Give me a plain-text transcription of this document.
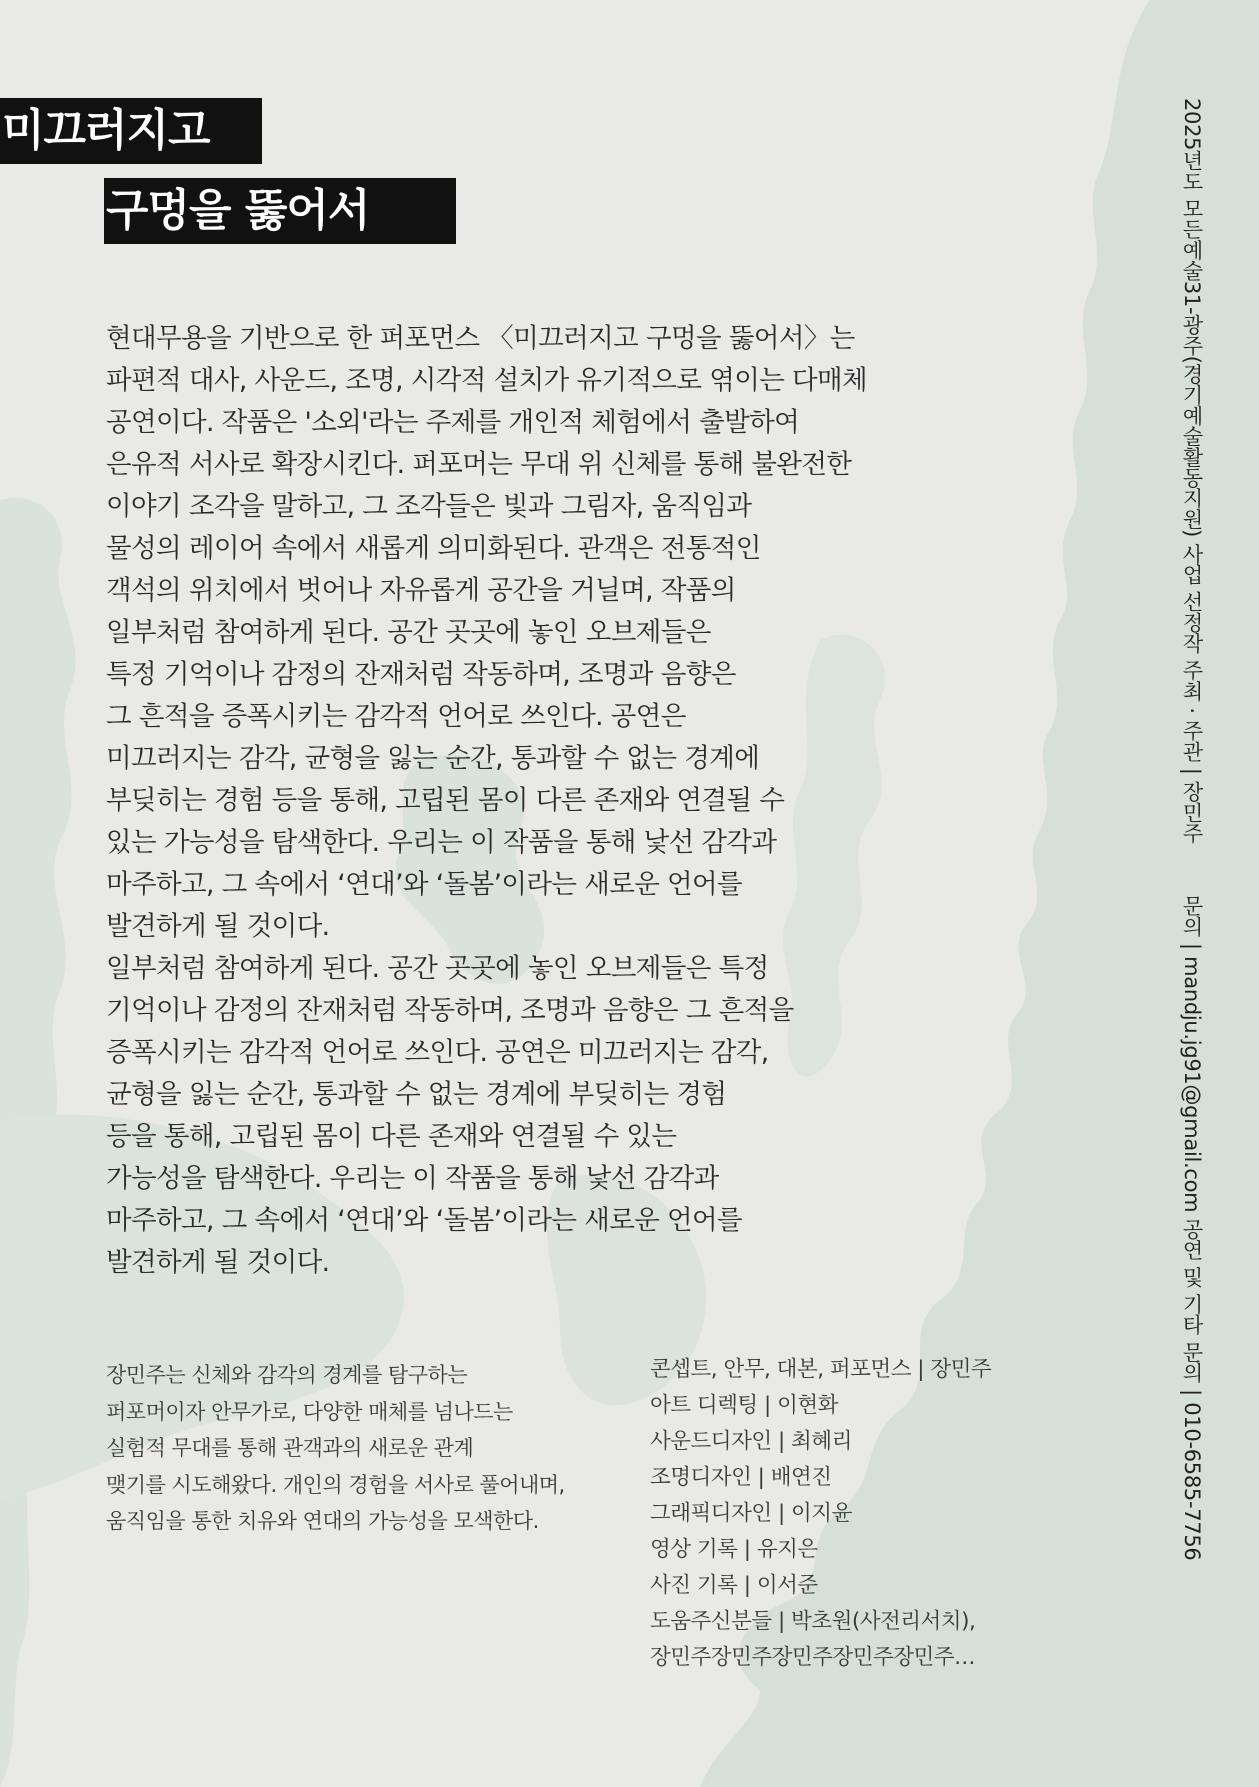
미끄러지고
구멍을 뚫어서
현대무용을 기반으로 한 퍼포먼스 〈미끄러지고 구멍을 뚫어서〉는
파편적 대사, 사운드, 조명, 시각적 설치가 유기적으로 엮이는 다매체
공연이다. 작품은 '소외'라는 주제를 개인적 체험에서 출발하여
은유적 서사로 확장시킨다. 퍼포머는 무대 위 신체를 통해 불완전한
이야기 조각을 말하고, 그 조각들은 빛과 그림자, 움직임과
물성의 레이어 속에서 새롭게 의미화된다. 관객은 전통적인
객석의 위치에서 벗어나 자유롭게 공간을 거닐며, 작품의
일부처럼 참여하게 된다. 공간 곳곳에 놓인 오브제들은
특정 기억이나 감정의 잔재처럼 작동하며, 조명과 음향은
그 흔적을 증폭시키는 감각적 언어로 쓰인다. 공연은
미끄러지는 감각, 균형을 잃는 순간, 통과할 수 없는 경계에
부딪히는 경험 등을 통해, 고립된 몸이 다른 존재와 연결될 수
있는 가능성을 탐색한다. 우리는 이 작품을 통해 낯선 감각과
마주하고, 그 속에서 ‘연대’와 ‘돌봄’이라는 새로운 언어를
발견하게 될 것이다.
일부처럼 참여하게 된다. 공간 곳곳에 놓인 오브제들은 특정
기억이나 감정의 잔재처럼 작동하며, 조명과 음향은 그 흔적을
증폭시키는 감각적 언어로 쓰인다. 공연은 미끄러지는 감각,
균형을 잃는 순간, 통과할 수 없는 경계에 부딪히는 경험
등을 통해, 고립된 몸이 다른 존재와 연결될 수 있는
가능성을 탐색한다. 우리는 이 작품을 통해 낯선 감각과
마주하고, 그 속에서 ‘연대’와 ‘돌봄’이라는 새로운 언어를
발견하게 될 것이다.
장민주는 신체와 감각의 경계를 탐구하는
퍼포머이자 안무가로, 다양한 매체를 넘나드는
실험적 무대를 통해 관객과의 새로운 관계
맺기를 시도해왔다. 개인의 경험을 서사로 풀어내며,
움직임을 통한 치유와 연대의 가능성을 모색한다.
콘셉트, 안무, 대본, 퍼포먼스 | 장민주
아트 디렉팅 | 이현화
사운드디자인 | 최혜리
조명디자인 | 배연진
그래픽디자인 | 이지윤
영상 기록 | 유지은
사진 기록 | 이서준
도움주신분들 | 박초원(사전리서치),
장민주장민주장민주장민주장민주…
2025년도 모든예술31-광주(경기예술활동지원) 사업 선정작 주최 · 주관 | 장민주문의 | mandju.jg91@gmail.com 공연 및 기타 문의 | 010-6585-7756
